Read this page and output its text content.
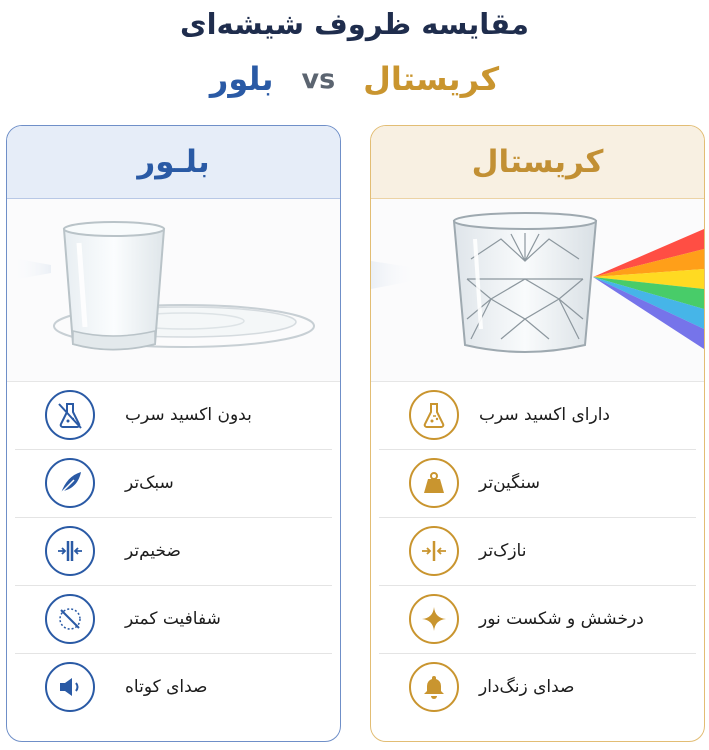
مقایسه ظروف شیشه‌ای
بلور vs کریستال
بلـور
بدون اکسید سرب
سبک‌تر
ضخیم‌تر
شفافیت کمتر
صدای کوتاه
کریستال
دارای اکسید سرب
سنگین‌تر
نازک‌تر
درخشش و شکست نور
صدای زنگ‌دار
